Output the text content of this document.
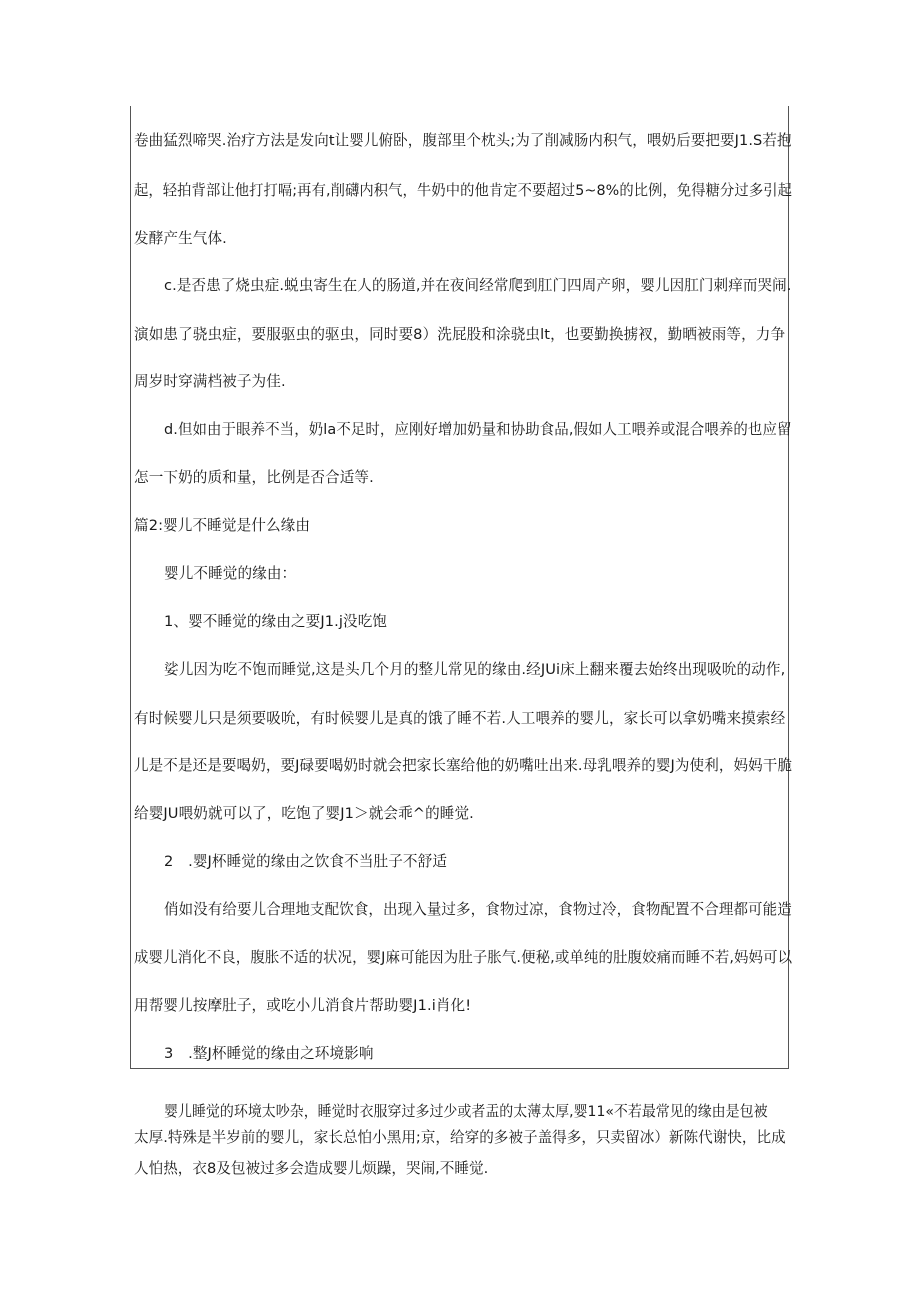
卷曲猛烈啼哭.治疗方法是发向t让婴儿俯卧，腹部里个枕头;为了削减肠内积气，喂奶后要把要J1.S若抱
起，轻拍背部让他打打嗝;再有,削礴内积气，牛奶中的他肯定不要超过5~8%的比例，免得糖分过多引起
发酵产生气体.
c.是否患了烧虫症.蜕虫寄生在人的肠道,并在夜间经常爬到肛门四周产卵，婴儿因肛门刺痒而哭闹.
演如患了骁虫症，要服驱虫的驱虫，同时要8）洗屁股和涂骁虫lt，也要勤换掳衩，勤晒被雨等，力争
周岁时穿满档被子为佳.
d.但如由于眼养不当，奶la不足时，应刚好增加奶量和协助食品,假如人工喂养或混合喂养的也应留
怎一下奶的质和量，比例是否合适等.
篇2:婴儿不睡觉是什么缘由
婴儿不睡觉的缘由：
1、婴不睡觉的缘由之要J1.j没吃饱
娑儿因为吃不饱而睡觉,这是头几个月的整儿常见的缘由.经JUi床上翻来覆去始终出现吸吮的动作,
有时候婴儿只是须要吸吮，有时候婴儿是真的饿了睡不若.人工喂养的婴儿，家长可以拿奶嘴来摸索经
儿是不是还是要喝奶，要J碌要喝奶时就会把家长塞给他的奶嘴吐出来.母乳喂养的婴J为使利，妈妈干脆
给婴JU喂奶就可以了，吃饱了婴J1＞就会乖^的睡觉.
2　.婴J杯睡觉的缘由之饮食不当肚子不舒适
俏如没有给要儿合理地支配饮食，出现入量过多，食物过凉，食物过冷，食物配置不合理都可能造
成婴儿消化不良，腹胀不适的状况，婴J麻可能因为肚子胀气.便秘,或单纯的肚腹姣痛而睡不若,妈妈可以
用帮婴儿按摩肚子，或吃小儿消食片帮助婴J1.i肖化!
3　.整J杯睡觉的缘由之环境影响
婴儿睡觉的环境太吵杂，睡觉时衣服穿过多过少或者盂的太薄太厚,婴11«不若最常见的缘由是包被
太厚.特殊是半岁前的婴儿，家长总怕小黑用;京，给穿的多被子盖得多，只卖留冰）新陈代谢快，比成
人怕热，衣8及包被过多会造成婴儿烦躁，哭闹,不睡觉.
